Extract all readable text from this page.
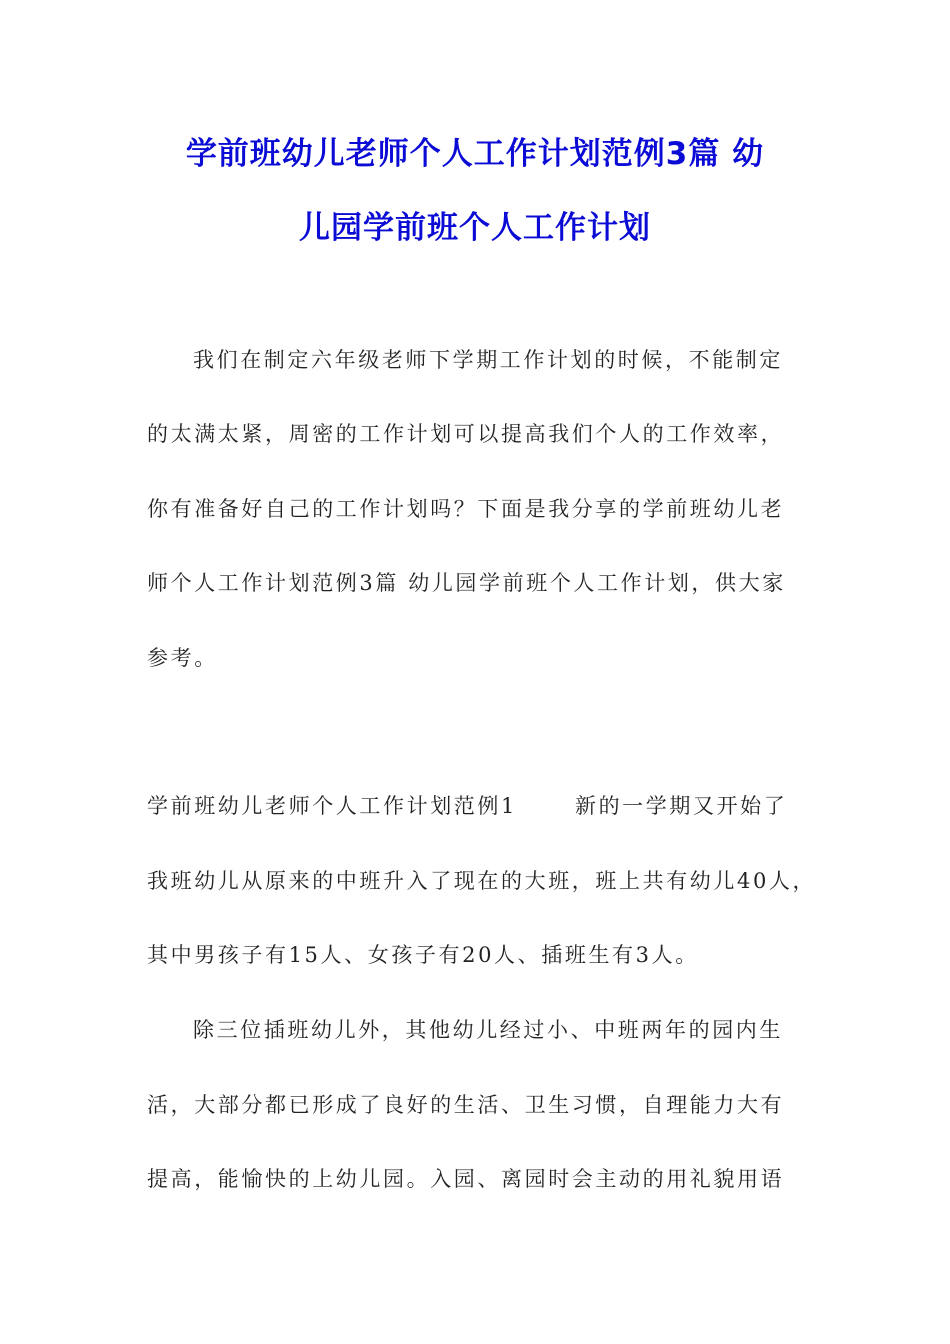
学前班幼儿老师个人工作计划范例3篇 幼
儿园学前班个人工作计划
我们在制定六年级老师下学期工作计划的时候，不能制定
的太满太紧，周密的工作计划可以提高我们个人的工作效率，
你有准备好自己的工作计划吗？下面是我分享的学前班幼儿老
师个人工作计划范例3篇 幼儿园学前班个人工作计划，供大家
参考。
学前班幼儿老师个人工作计划范例1	新的一学期又开始了
我班幼儿从原来的中班升入了现在的大班，班上共有幼儿40人，
其中男孩子有15人、女孩子有20人、插班生有3人。
除三位插班幼儿外，其他幼儿经过小、中班两年的园内生
活，大部分都已形成了良好的生活、卫生习惯，自理能力大有
提高，能愉快的上幼儿园。入园、离园时会主动的用礼貌用语
